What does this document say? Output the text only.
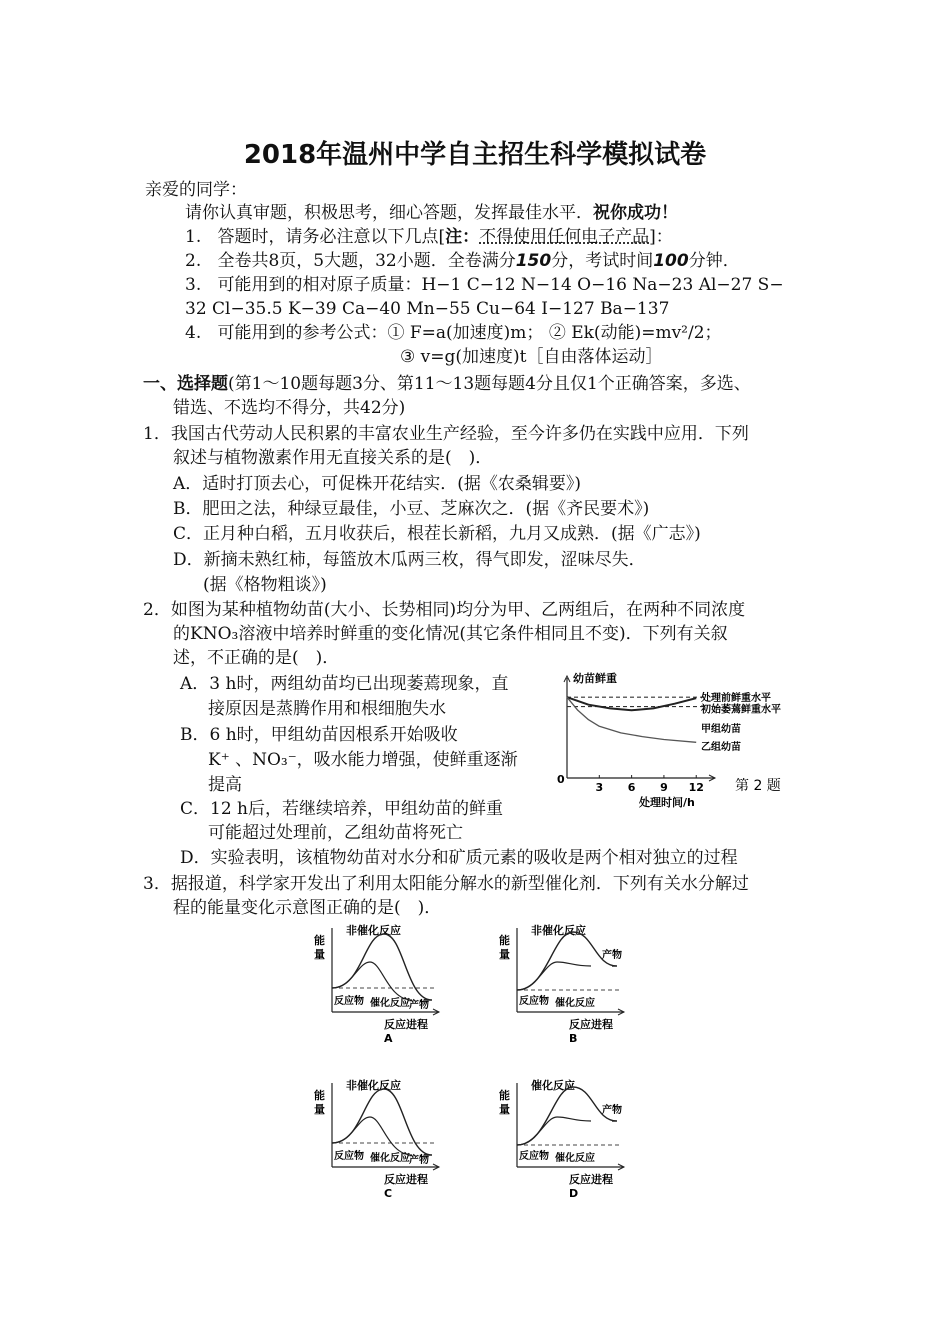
2018年温州中学自主招生科学模拟试卷
亲爱的同学：
请你认真审题，积极思考，细心答题，发挥最佳水平．祝你成功！
1. 答题时，请务必注意以下几点[注：不得使用任何电子产品]：
2. 全卷共8页，5大题，32小题．全卷满分150分，考试时间100分钟．
3. 可能用到的相对原子质量：H−1 C−12 N−14 O−16 Na−23 Al−27 S−
32 Cl−35.5 K−39 Ca−40 Mn−55 Cu−64 I−127 Ba−137
4. 可能用到的参考公式：① F=a(加速度)m； ② Ek(动能)=mv²/2；
③ v=g(加速度)t［自由落体运动］
一、选择题(第1～10题每题3分、第11～13题每题4分且仅1个正确答案，多选、
错选、不选均不得分，共42分)
1．我国古代劳动人民积累的丰富农业生产经验，至今许多仍在实践中应用．下列
叙述与植物激素作用无直接关系的是(　)．
A．适时打顶去心，可促株开花结实．(据《农桑辑要》)
B．肥田之法，种绿豆最佳，小豆、芝麻次之．(据《齐民要术》)
C．正月种白稻，五月收获后，根茬长新稻，九月又成熟．(据《广志》)
D．新摘未熟红柿，每篮放木瓜两三枚，得气即发，涩味尽失．
(据《格物粗谈》)
2．如图为某种植物幼苗(大小、长势相同)均分为甲、乙两组后，在两种不同浓度
的KNO₃溶液中培养时鲜重的变化情况(其它条件相同且不变)．下列有关叙
述，不正确的是(　)．
A．3 h时，两组幼苗均已出现萎蔫现象，直
接原因是蒸腾作用和根细胞失水
B．6 h时，甲组幼苗因根系开始吸收
K⁺ 、NO₃⁻，吸水能力增强，使鲜重逐渐
提高
C．12 h后，若继续培养，甲组幼苗的鲜重
可能超过处理前，乙组幼苗将死亡
D．实验表明，该植物幼苗对水分和矿质元素的吸收是两个相对独立的过程
幼苗鲜重
处理时间/h
0
3 6 9 12
处理前鲜重水平
初始萎蔫鲜重水平
甲组幼苗
乙组幼苗
第 2 题
3．据报道，科学家开发出了利用太阳能分解水的新型催化剂．下列有关水分解过
程的能量变化示意图正确的是(　)．
能
量
反应进程
A
非催化反应
反应物 催化反应 产物
能
量
反应进程
B
非催化反应
反应物 催化反应
产物
能
量
反应进程
C
非催化反应
反应物 催化反应 产物
能
量
反应进程
D
催化反应
反应物 催化反应
产物
